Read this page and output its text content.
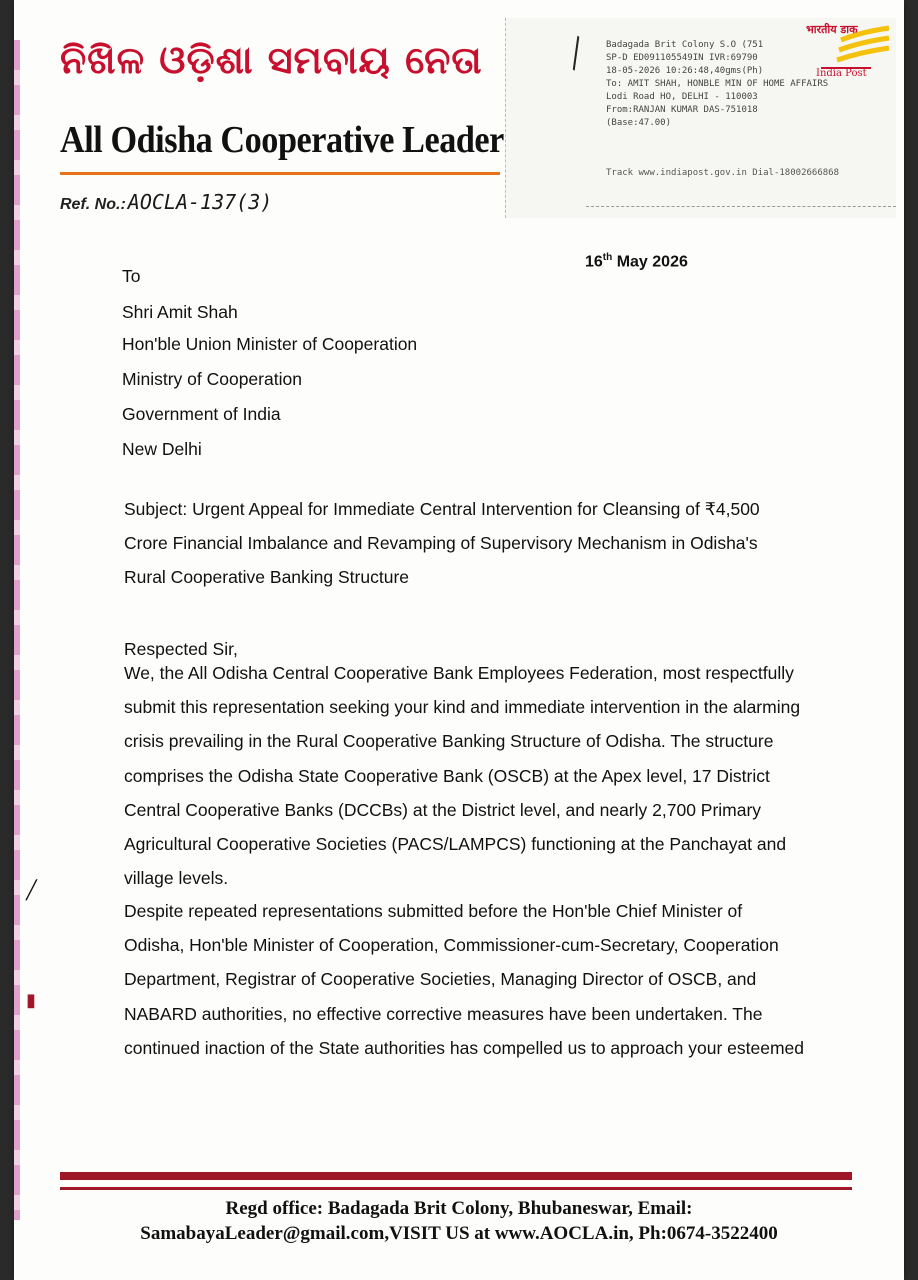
╱
▮
ନିଖିଳ ଓଡ଼ିଶା ସମବାୟ ନେତା
All Odisha Cooperative Leader
Ref. No.: AOCLA-137(3)
╲
भारतीय डाक
India Post
Badagada Brit Colony S.O (751
SP-D ED091105549IN IVR:69790
18-05-2026 10:26:48,40gms(Ph)
To: AMIT SHAH, HONBLE MIN OF HOME AFFAIRS
Lodi Road HO, DELHI - 110003
From:RANJAN KUMAR DAS-751018
(Base:47.00)
Track www.indiapost.gov.in Dial-18002666868
16th May 2026
To
Shri Amit Shah
Hon'ble Union Minister of Cooperation
Ministry of Cooperation
Government of India
New Delhi
Subject: Urgent Appeal for Immediate Central Intervention for Cleansing of ₹4,500 Crore Financial Imbalance and Revamping of Supervisory Mechanism in Odisha's Rural Cooperative Banking Structure
Respected Sir,
We, the All Odisha Central Cooperative Bank Employees Federation, most respectfully submit this representation seeking your kind and immediate intervention in the alarming crisis prevailing in the Rural Cooperative Banking Structure of Odisha. The structure comprises the Odisha State Cooperative Bank (OSCB) at the Apex level, 17 District Central Cooperative Banks (DCCBs) at the District level, and nearly 2,700 Primary Agricultural Cooperative Societies (PACS/LAMPCS) functioning at the Panchayat and village levels.
Despite repeated representations submitted before the Hon'ble Chief Minister of Odisha, Hon'ble Minister of Cooperation, Commissioner-cum-Secretary, Cooperation Department, Registrar of Cooperative Societies, Managing Director of OSCB, and NABARD authorities, no effective corrective measures have been undertaken. The continued inaction of the State authorities has compelled us to approach your esteemed
Regd office: Badagada Brit Colony, Bhubaneswar, Email:
SamabayaLeader@gmail.com,VISIT US at www.AOCLA.in, Ph:0674-3522400
